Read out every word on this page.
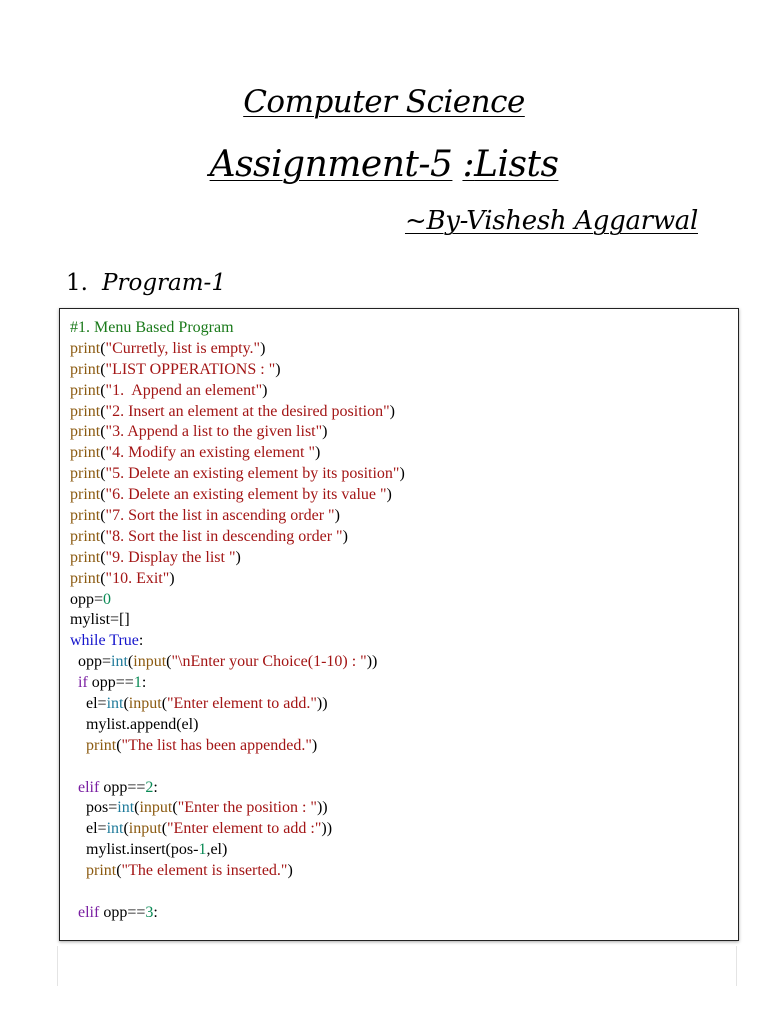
Computer Science
Assignment-5 :Lists
~By-Vishesh Aggarwal
1. Program-1
#1. Menu Based Program
print("Curretly, list is empty.")
print("LIST OPPERATIONS : ")
print("1.  Append an element")
print("2. Insert an element at the desired position")
print("3. Append a list to the given list")
print("4. Modify an existing element ")
print("5. Delete an existing element by its position")
print("6. Delete an existing element by its value ")
print("7. Sort the list in ascending order ")
print("8. Sort the list in descending order ")
print("9. Display the list ")
print("10. Exit")
opp=0
mylist=[]
while True:
opp=int(input("\nEnter your Choice(1-10) : "))
if opp==1:
el=int(input("Enter element to add."))
mylist.append(el)
print("The list has been appended.")

elif opp==2:
pos=int(input("Enter the position : "))
el=int(input("Enter element to add :"))
mylist.insert(pos-1,el)
print("The element is inserted.")

elif opp==3:
